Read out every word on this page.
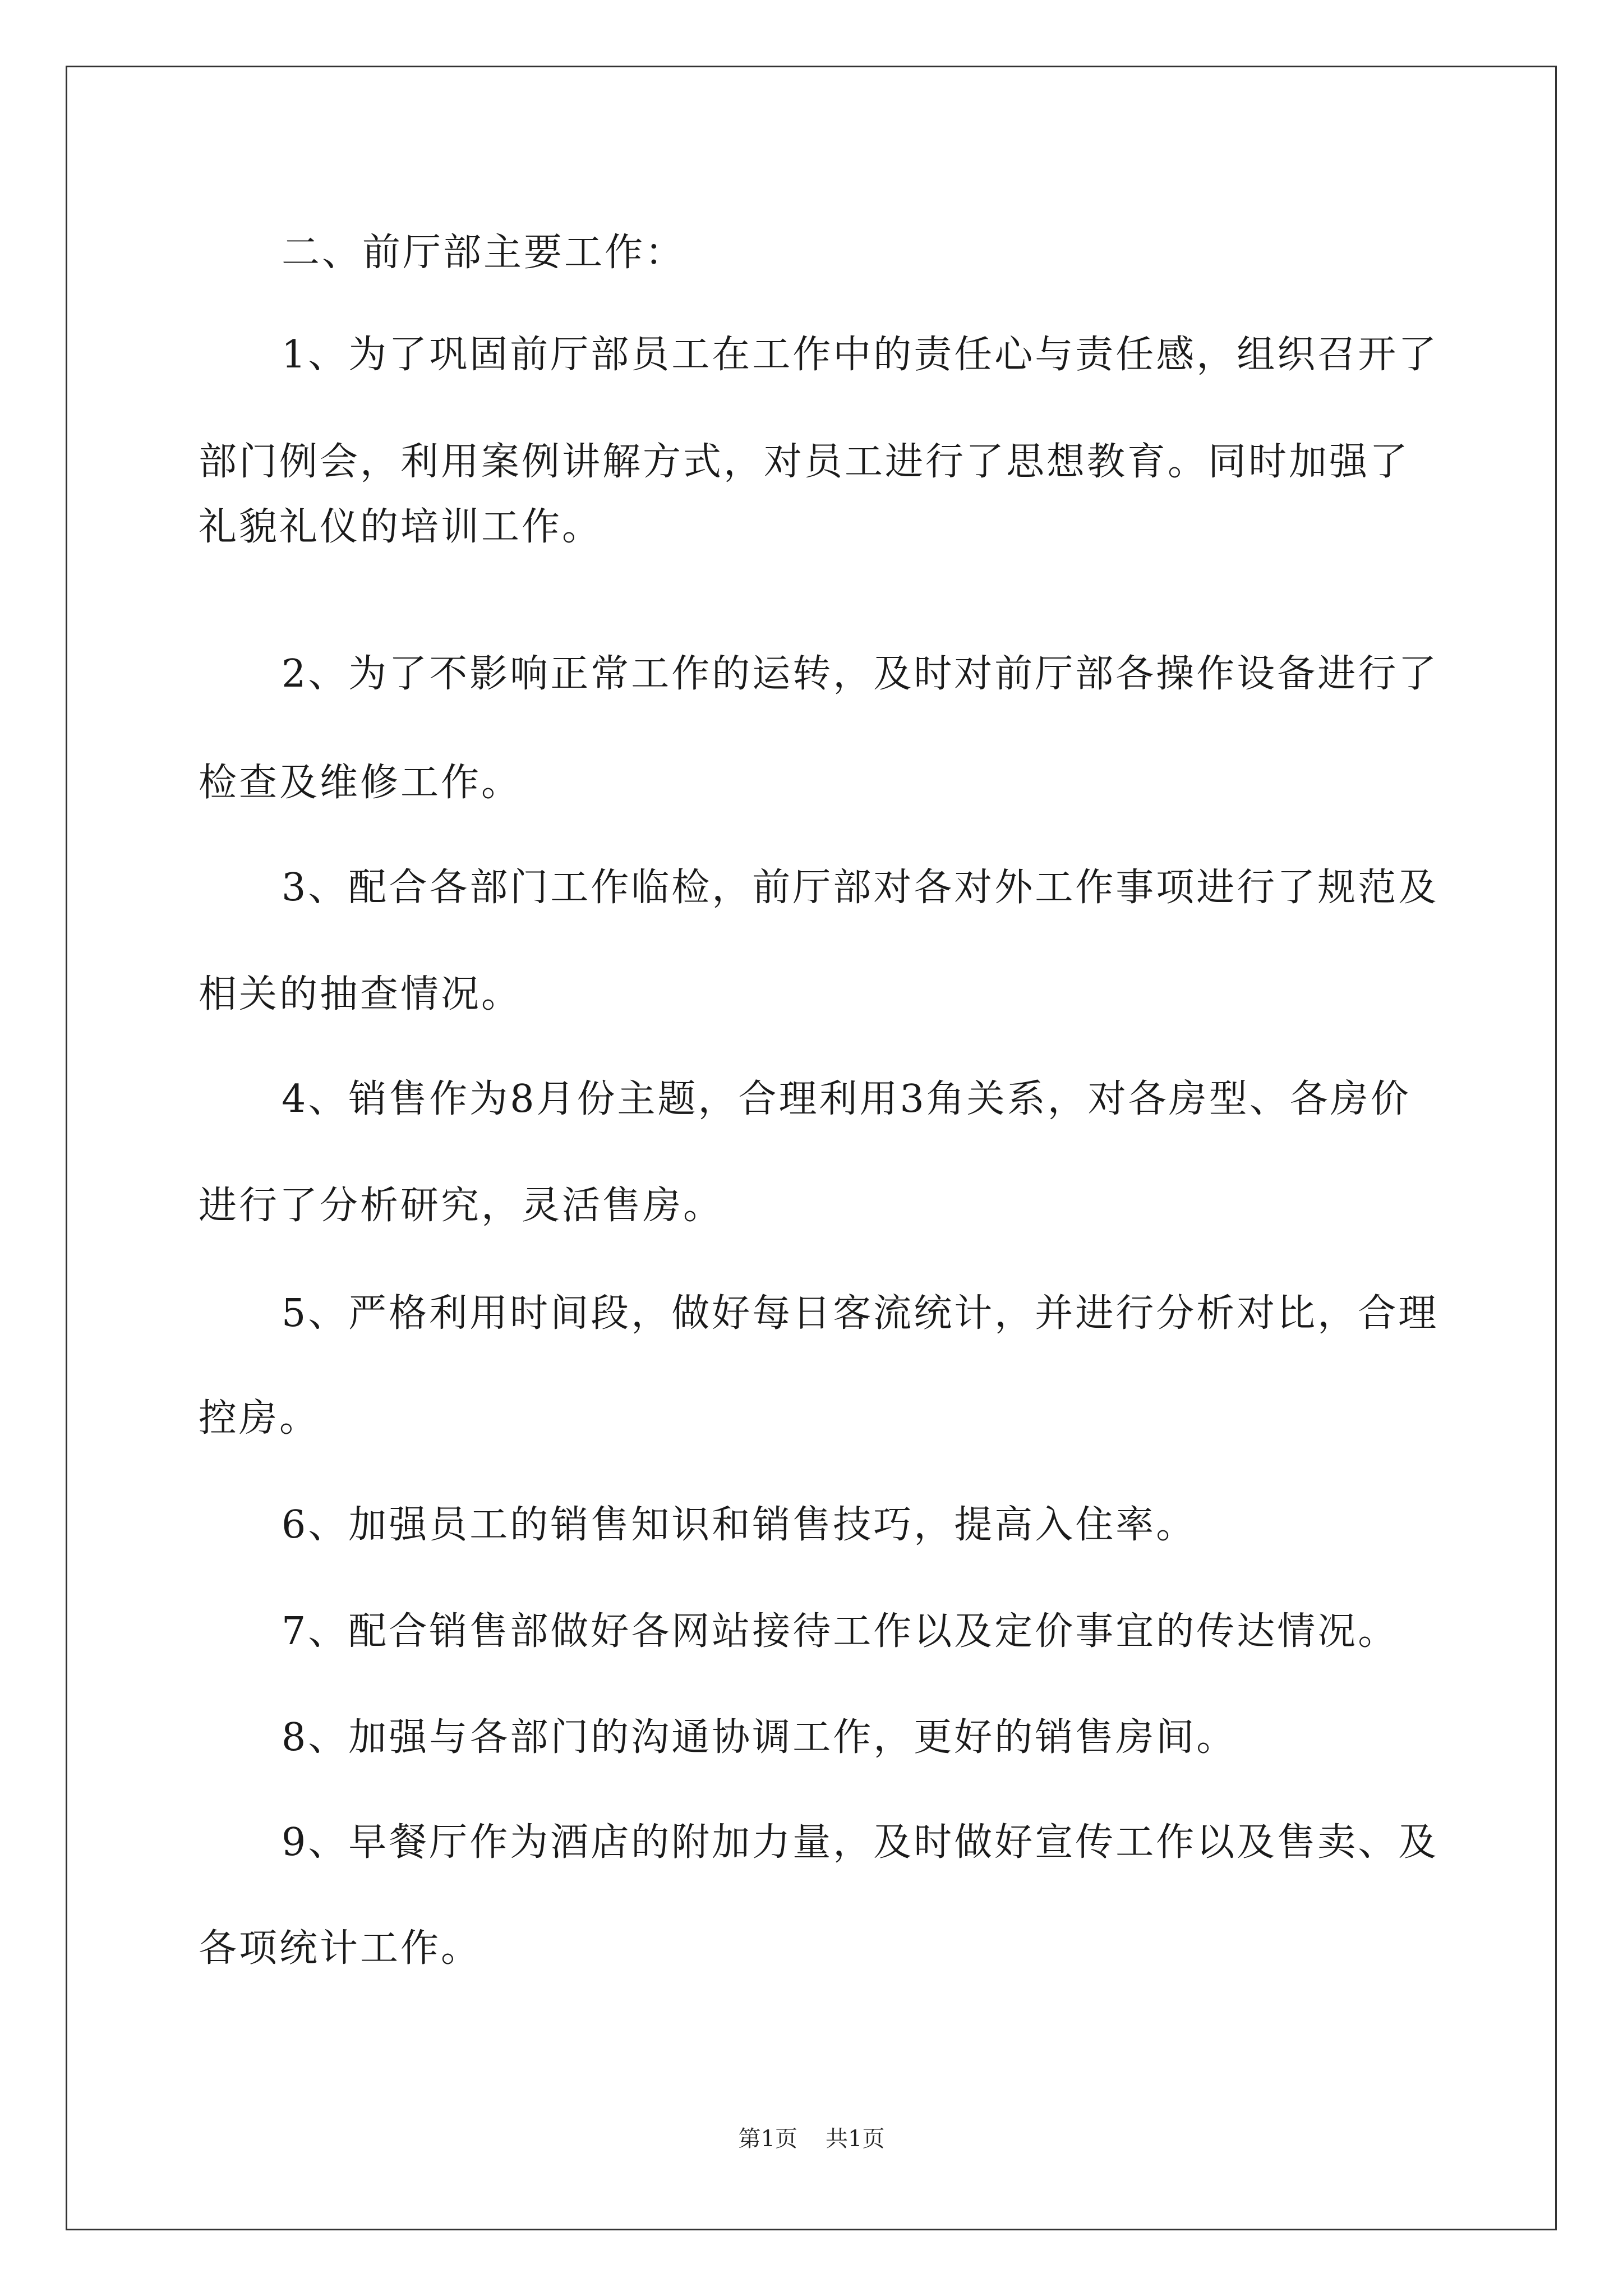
二、前厅部主要工作：

1、为了巩固前厅部员工在工作中的责任心与责任感，组织召开了

部门例会，利用案例讲解方式，对员工进行了思想教育。同时加强了

礼貌礼仪的培训工作。

2、为了不影响正常工作的运转，及时对前厅部各操作设备进行了

检查及维修工作。

3、配合各部门工作临检，前厅部对各对外工作事项进行了规范及

相关的抽查情况。

4、销售作为8月份主题，合理利用3角关系，对各房型、各房价

进行了分析研究，灵活售房。

5、严格利用时间段，做好每日客流统计，并进行分析对比，合理

控房。

6、加强员工的销售知识和销售技巧，提高入住率。

7、配合销售部做好各网站接待工作以及定价事宜的传达情况。

8、加强与各部门的沟通协调工作，更好的销售房间。

9、早餐厅作为酒店的附加力量，及时做好宣传工作以及售卖、及

各项统计工作。

第1页 共1页
